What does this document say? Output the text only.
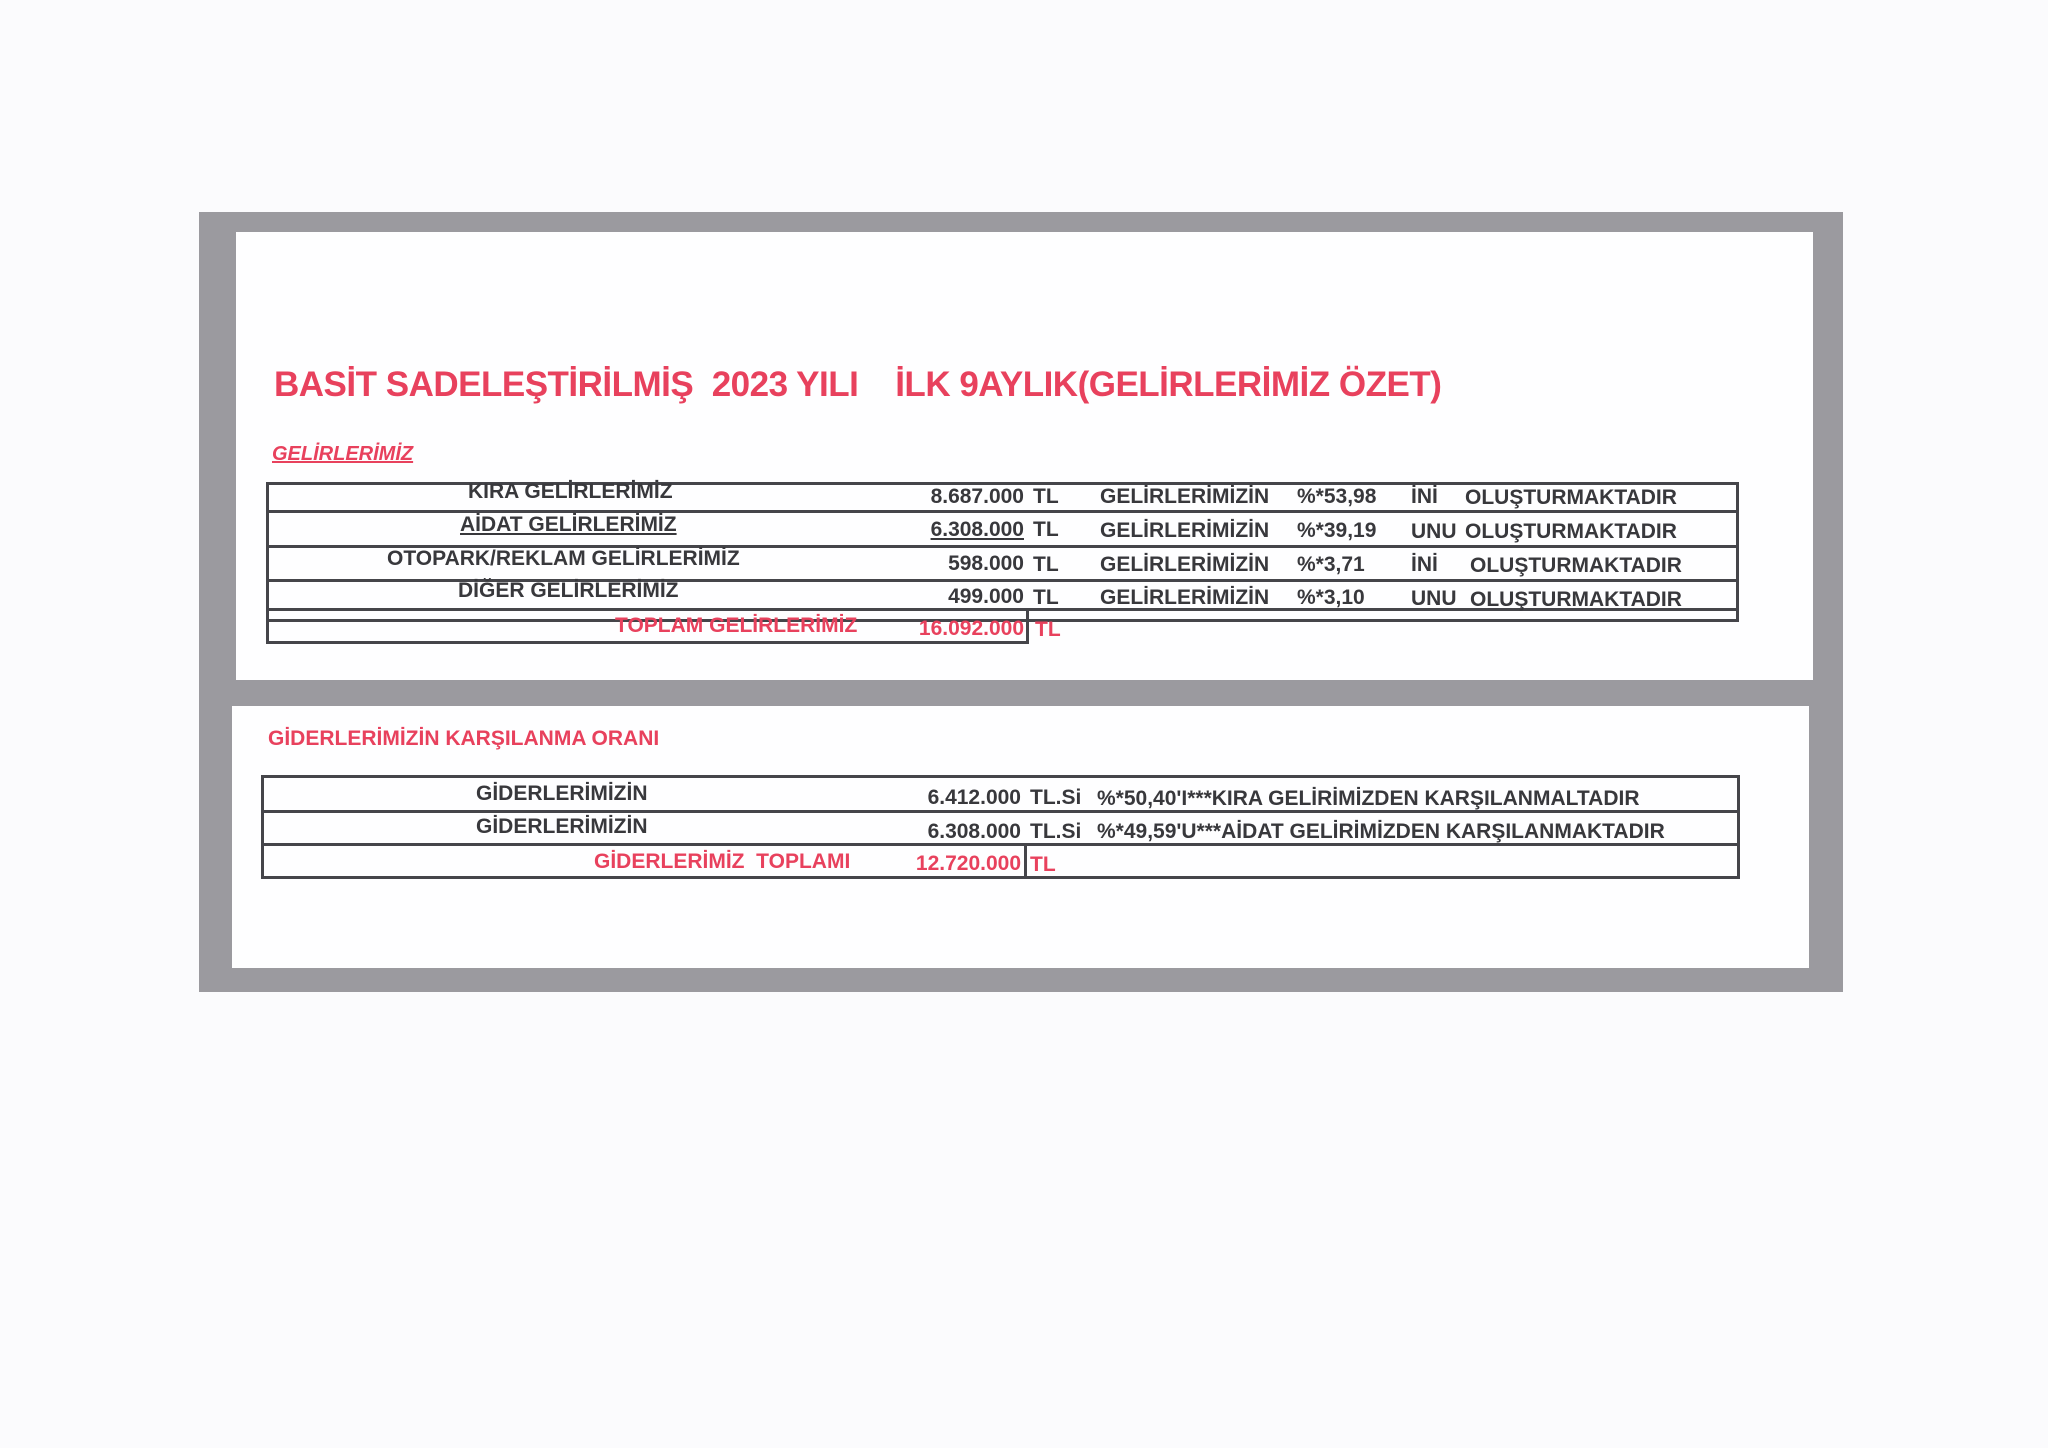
BASİT SADELEŞTİRİLMİŞ  2023 YILI    İLK 9AYLIK(GELİRLERİMİZ ÖZET)
GELİRLERİMİZ
KIRA GELİRLERİMİZ	8.687.000 TL GELİRLERİMİZİN %*53,98 İNİ OLUŞTURMAKTADIR
AİDAT GELİRLERİMİZ	6.308.000 TL GELİRLERİMİZİN %*39,19 UNU OLUŞTURMAKTADIR
OTOPARK/REKLAM GELİRLERİMİZ	598.000 TL GELİRLERİMİZİN %*3,71 İNİ OLUŞTURMAKTADIR
DİĞER GELİRLERİMİZ	499.000 TL GELİRLERİMİZİN %*3,10 UNU OLUŞTURMAKTADIR
TOPLAM GELİRLERİMİZ	16.092.000 TL
GİDERLERİMİZİN KARŞILANMA ORANI
GİDERLERİMİZİN	6.412.000 TL.Si %*50,40'I***KIRA GELİRİMİZDEN KARŞILANMALTADIR
GİDERLERİMİZİN	6.308.000 TL.Si %*49,59'U***AİDAT GELİRİMİZDEN KARŞILANMAKTADIR
GİDERLERİMİZ  TOPLAMI	12.720.000 TL
